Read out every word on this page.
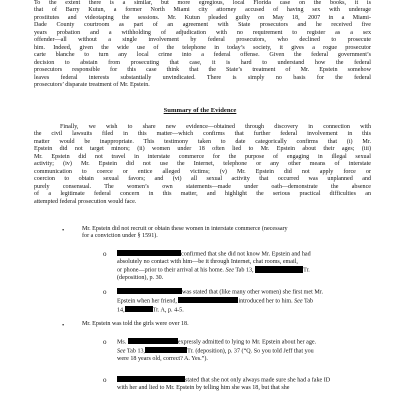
To the extent there is a similar, but more egregious, local Florida case on the books, it is
that of Barry Kutun, a former North Miami city attorney accused of having sex with underage
prostitutes and videotaping the sessions. Mr. Kutun pleaded guilty on May 18, 2007 in a Miami-
Dade County courtroom as part of an agreement with State prosecutors and he received five
years probation and a withholding of adjudication with no requirement to register as a sex
offender—all without a single involvement by federal prosecutors, who declined to prosecute
him. Indeed, given the wide use of the telephone in today’s society, it gives a rogue prosecutor
carte blanche to turn any local crime into a federal offense. Given the federal government’s
decision to abstain from prosecuting that case, it is hard to understand how the federal
prosecutors responsible for this case think that the State’s treatment of Mr. Epstein somehow
leaves federal interests substantially unvindicated. There is simply no basis for the federal
prosecutors’ disparate treatment of Mr. Epstein.
Summary of the Evidence
Finally, we wish to share new evidence—obtained through discovery in connection with
the civil lawsuits filed in this matter—which confirms that further federal involvement in this
matter would be inappropriate. This testimony taken to date categorically confirms that (i) Mr.
Epstein did not target minors; (ii) women under 18 often lied to Mr. Epstein about their ages; (iii)
Mr. Epstein did not travel in interstate commerce for the purpose of engaging in illegal sexual
activity; (iv) Mr. Epstein did not use the Internet, telephone or any other means of interstate
communication to coerce or entice alleged victims; (v) Mr. Epstein did not apply force or
coercion to obtain sexual favors; and (vi) all sexual activity that occurred was unplanned and
purely consensual. The women’s own statements—made under oath—demonstrate the absence
of a legitimate federal concern in this matter, and highlight the serious practical difficulties an
attempted federal prosecution would face.
•	Mr. Epstein did not recruit or obtain these women in interstate commerce (necessary
for a conviction under § 1591).
o	confirmed that she did not know Mr. Epstein and had
absolutely no contact with him—be it through Internet, chat rooms, email,
or phone—prior to their arrival at his home. See Tab 13,	Tr.
(deposition), p. 30.
o	was stated that (like many other women) she first met Mr.
Epstein when her friend,	introduced her to him. See Tab
14,	Tr. A, p. 4-5.
•	Mr. Epstein was told the girls were over 18.
o Ms.	expressly admitted to lying to Mr. Epstein about her age.
See Tab 13,	Tr. (deposition), p. 37 (“Q. So you told Jeff that you
were 18 years old, correct? A. Yes.”).
o	stated that she not only always made sure she had a fake ID
with her and lied to Mr. Epstein by telling him she was 18, but that she
